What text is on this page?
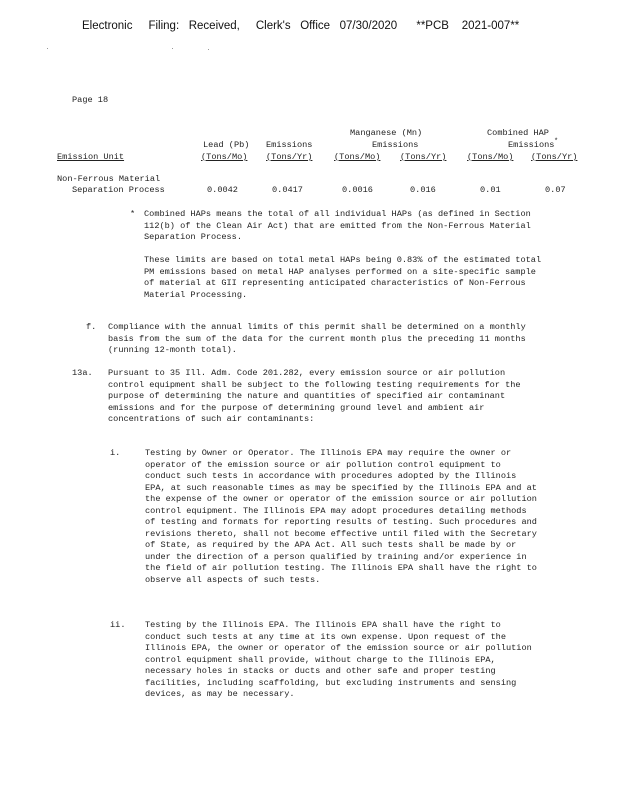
Electronic     Filing:   Received,     Clerk's   Office   07/30/2020      **PCB    2021-007**
Page 18
Manganese (Mn)	Combined HAP
Lead (Pb) Emissions	Emissions	Emissions *
Emission Unit	(Tons/Mo) (Tons/Yr)	(Tons/Mo) (Tons/Yr) (Tons/Mo) (Tons/Yr)
Non-Ferrous Material
Separation Process	0.0042	0.0417	0.0016	0.016	0.01	0.07
* Combined HAPs means the total of all individual HAPs (as defined in Section 112(b) of the Clean Air Act) that are emitted from the Non-Ferrous Material Separation Process.
These limits are based on total metal HAPs being 0.83% of the estimated total PM emissions based on metal HAP analyses performed on a site-specific sample of material at GII representing anticipated characteristics of Non-Ferrous Material Processing.
f. Compliance with the annual limits of this permit shall be determined on a monthly basis from the sum of the data for the current month plus the preceding 11 months (running 12-month total).
13a. Pursuant to 35 Ill. Adm. Code 201.282, every emission source or air pollution control equipment shall be subject to the following testing requirements for the purpose of determining the nature and quantities of specified air contaminant emissions and for the purpose of determining ground level and ambient air concentrations of such air contaminants:
i.	Testing by Owner or Operator. The Illinois EPA may require the owner or operator of the emission source or air pollution control equipment to conduct such tests in accordance with procedures adopted by the Illinois EPA, at such reasonable times as may be specified by the Illinois EPA and at the expense of the owner or operator of the emission source or air pollution control equipment. The Illinois EPA may adopt procedures detailing methods of testing and formats for reporting results of testing. Such procedures and revisions thereto, shall not become effective until filed with the Secretary of State, as required by the APA Act. All such tests shall be made by or under the direction of a person qualified by training and/or experience in the field of air pollution testing. The Illinois EPA shall have the right to observe all aspects of such tests.
ii. Testing by the Illinois EPA. The Illinois EPA shall have the right to conduct such tests at any time at its own expense. Upon request of the Illinois EPA, the owner or operator of the emission source or air pollution control equipment shall provide, without charge to the Illinois EPA, necessary holes in stacks or ducts and other safe and proper testing facilities, including scaffolding, but excluding instruments and sensing devices, as may be necessary.
